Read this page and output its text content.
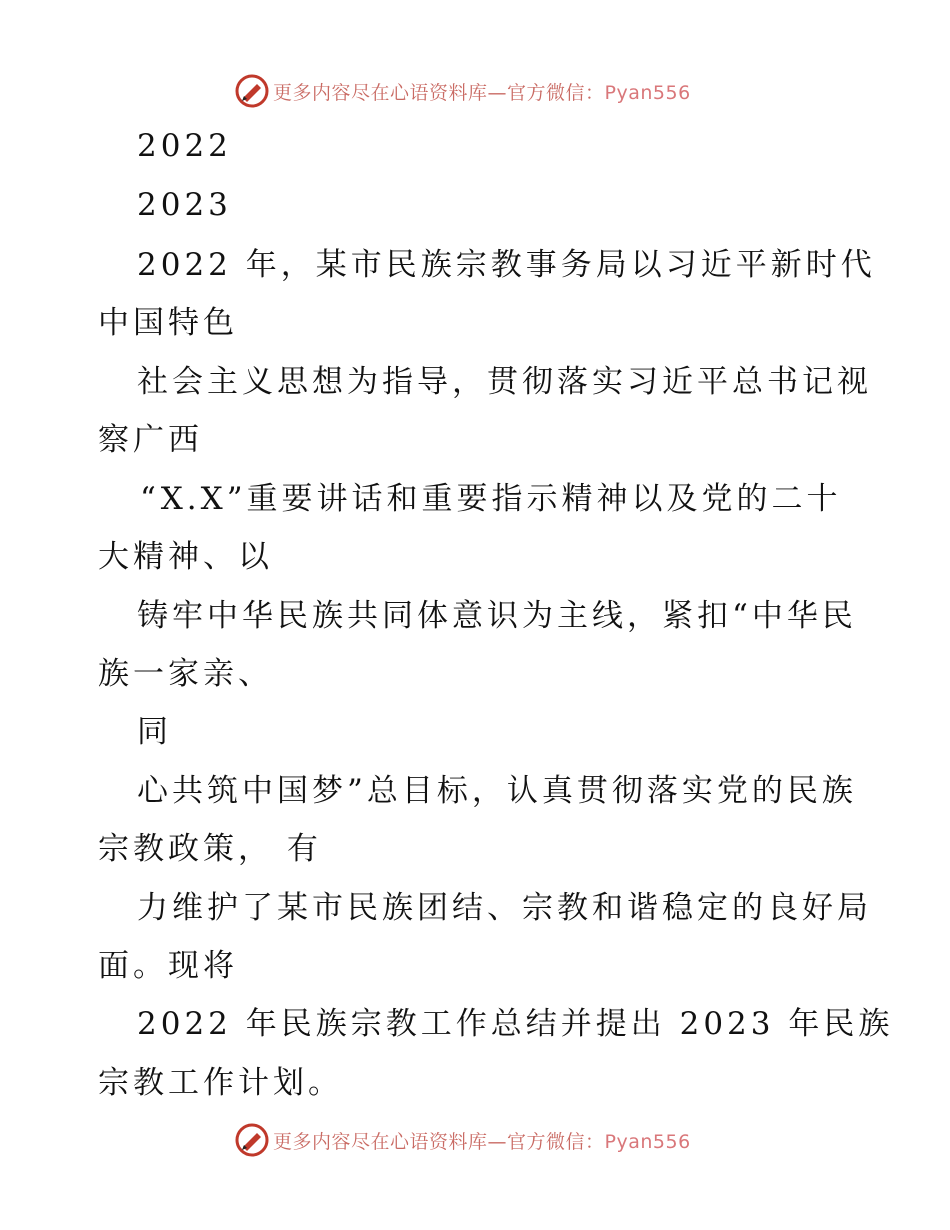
更多内容尽在心语资料库—官方微信：Pyan556
2022
2023
2022 年，某市民族宗教事务局以习近平新时代
中国特色
社会主义思想为指导，贯彻落实习近平总书记视
察广西
“X.X”重要讲话和重要指示精神以及党的二十
大精神、以
铸牢中华民族共同体意识为主线，紧扣“中华民
族一家亲、
同
心共筑中国梦”总目标，认真贯彻落实党的民族
宗教政策， 有
力维护了某市民族团结、宗教和谐稳定的良好局
面。现将
2022 年民族宗教工作总结并提出 2023 年民族
宗教工作计划。
更多内容尽在心语资料库—官方微信：Pyan556
